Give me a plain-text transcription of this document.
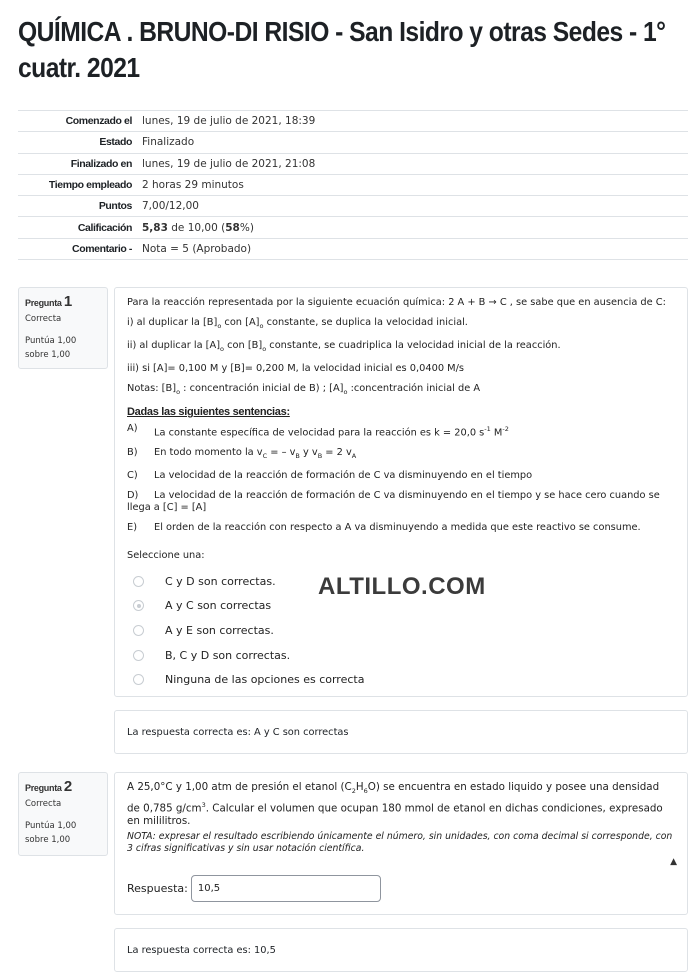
QUÍMICA . BRUNO-DI RISIO - San Isidro y otras Sedes - 1° cuatr. 2021
Comenzado el lunes, 19 de julio de 2021, 18:39
Estado Finalizado
Finalizado en lunes, 19 de julio de 2021, 21:08
Tiempo empleado 2 horas 29 minutos
Puntos 7,00/12,00
Calificación 5,83 de 10,00 (58%)
Comentario - Nota = 5 (Aprobado)
Pregunta 1
Correcta
Puntúa 1,00 sobre 1,00

Para la reacción representada por la siguiente ecuación química: 2 A + B → C , se sabe que en ausencia de C:

i) al duplicar la $[B]_o$ con $[A]_o$ constante, se duplica la velocidad inicial.

ii) al duplicar la $[A]_o$ con $[B]_o$ constante, se cuadriplica la velocidad inicial de la reacción.

iii) si [A]= 0,100 M y [B]= 0,200 M, la velocidad inicial es 0,0400 M/s

Notas: $[B]_o$ : concentración inicial de B) ; $[A]_o$ :concentración inicial de A

Dadas las siguientes sentencias:

A)	La constante específica de velocidad para la reacción es k = 20,0 $s^{-1}$ $M^{-2}$
B)	En todo momento la $v_C$ = – $v_B$ y $v_B = 2$ $v_A$
C)	La velocidad de la reacción de formación de C va disminuyendo en el tiempo
D) La velocidad de la reacción de formación de C va disminuyendo en el tiempo y se hace cero cuando se llega a [C] = [A]
E)	El orden de la reacción con respecto a A va disminuyendo a medida que este reactivo se consume.
Seleccione una:
C y D son correctas.
A y C son correctas
A y E son correctas.
B, C y D son correctas.
Ninguna de las opciones es correcta
ALTILLO.COM
La respuesta correcta es: A y C son correctas
Pregunta 2
Correcta
Puntúa 1,00 sobre 1,00

A 25,0°C y 1,00 atm de presión el etanol $(C_2H_6O)$ se encuentra en estado liquido y posee una densidad de 0,785 $g/cm^3$. Calcular el volumen que ocupan 180 mmol de etanol en dichas condiciones, expresado en mililitros.

NOTA: expresar el resultado escribiendo únicamente el número, sin unidades, con coma decimal si corresponde, con 3 cifras significativas y sin usar notación científica.

Respuesta:
10,5
▲
La respuesta correcta es: 10,5
